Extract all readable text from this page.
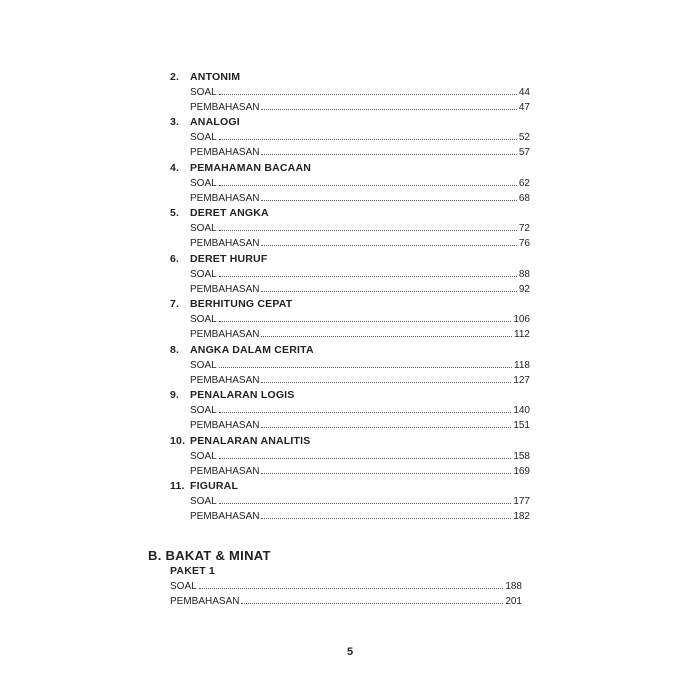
2. ANTONIM
SOAL	44
PEMBAHASAN	47
3. ANALOGI
SOAL	52
PEMBAHASAN	57
4. PEMAHAMAN BACAAN
SOAL	62
PEMBAHASAN	68
5. DERET ANGKA
SOAL	72
PEMBAHASAN	76
6. DERET HURUF
SOAL	88
PEMBAHASAN	92
7. BERHITUNG CEPAT
SOAL	106
PEMBAHASAN	112
8. ANGKA DALAM CERITA
SOAL	118
PEMBAHASAN	127
9. PENALARAN LOGIS
SOAL	140
PEMBAHASAN	151
10. PENALARAN ANALITIS
SOAL	158
PEMBAHASAN	169
11. FIGURAL
SOAL	177
PEMBAHASAN	182
B. BAKAT & MINAT
PAKET 1
SOAL	188
PEMBAHASAN	201
5
